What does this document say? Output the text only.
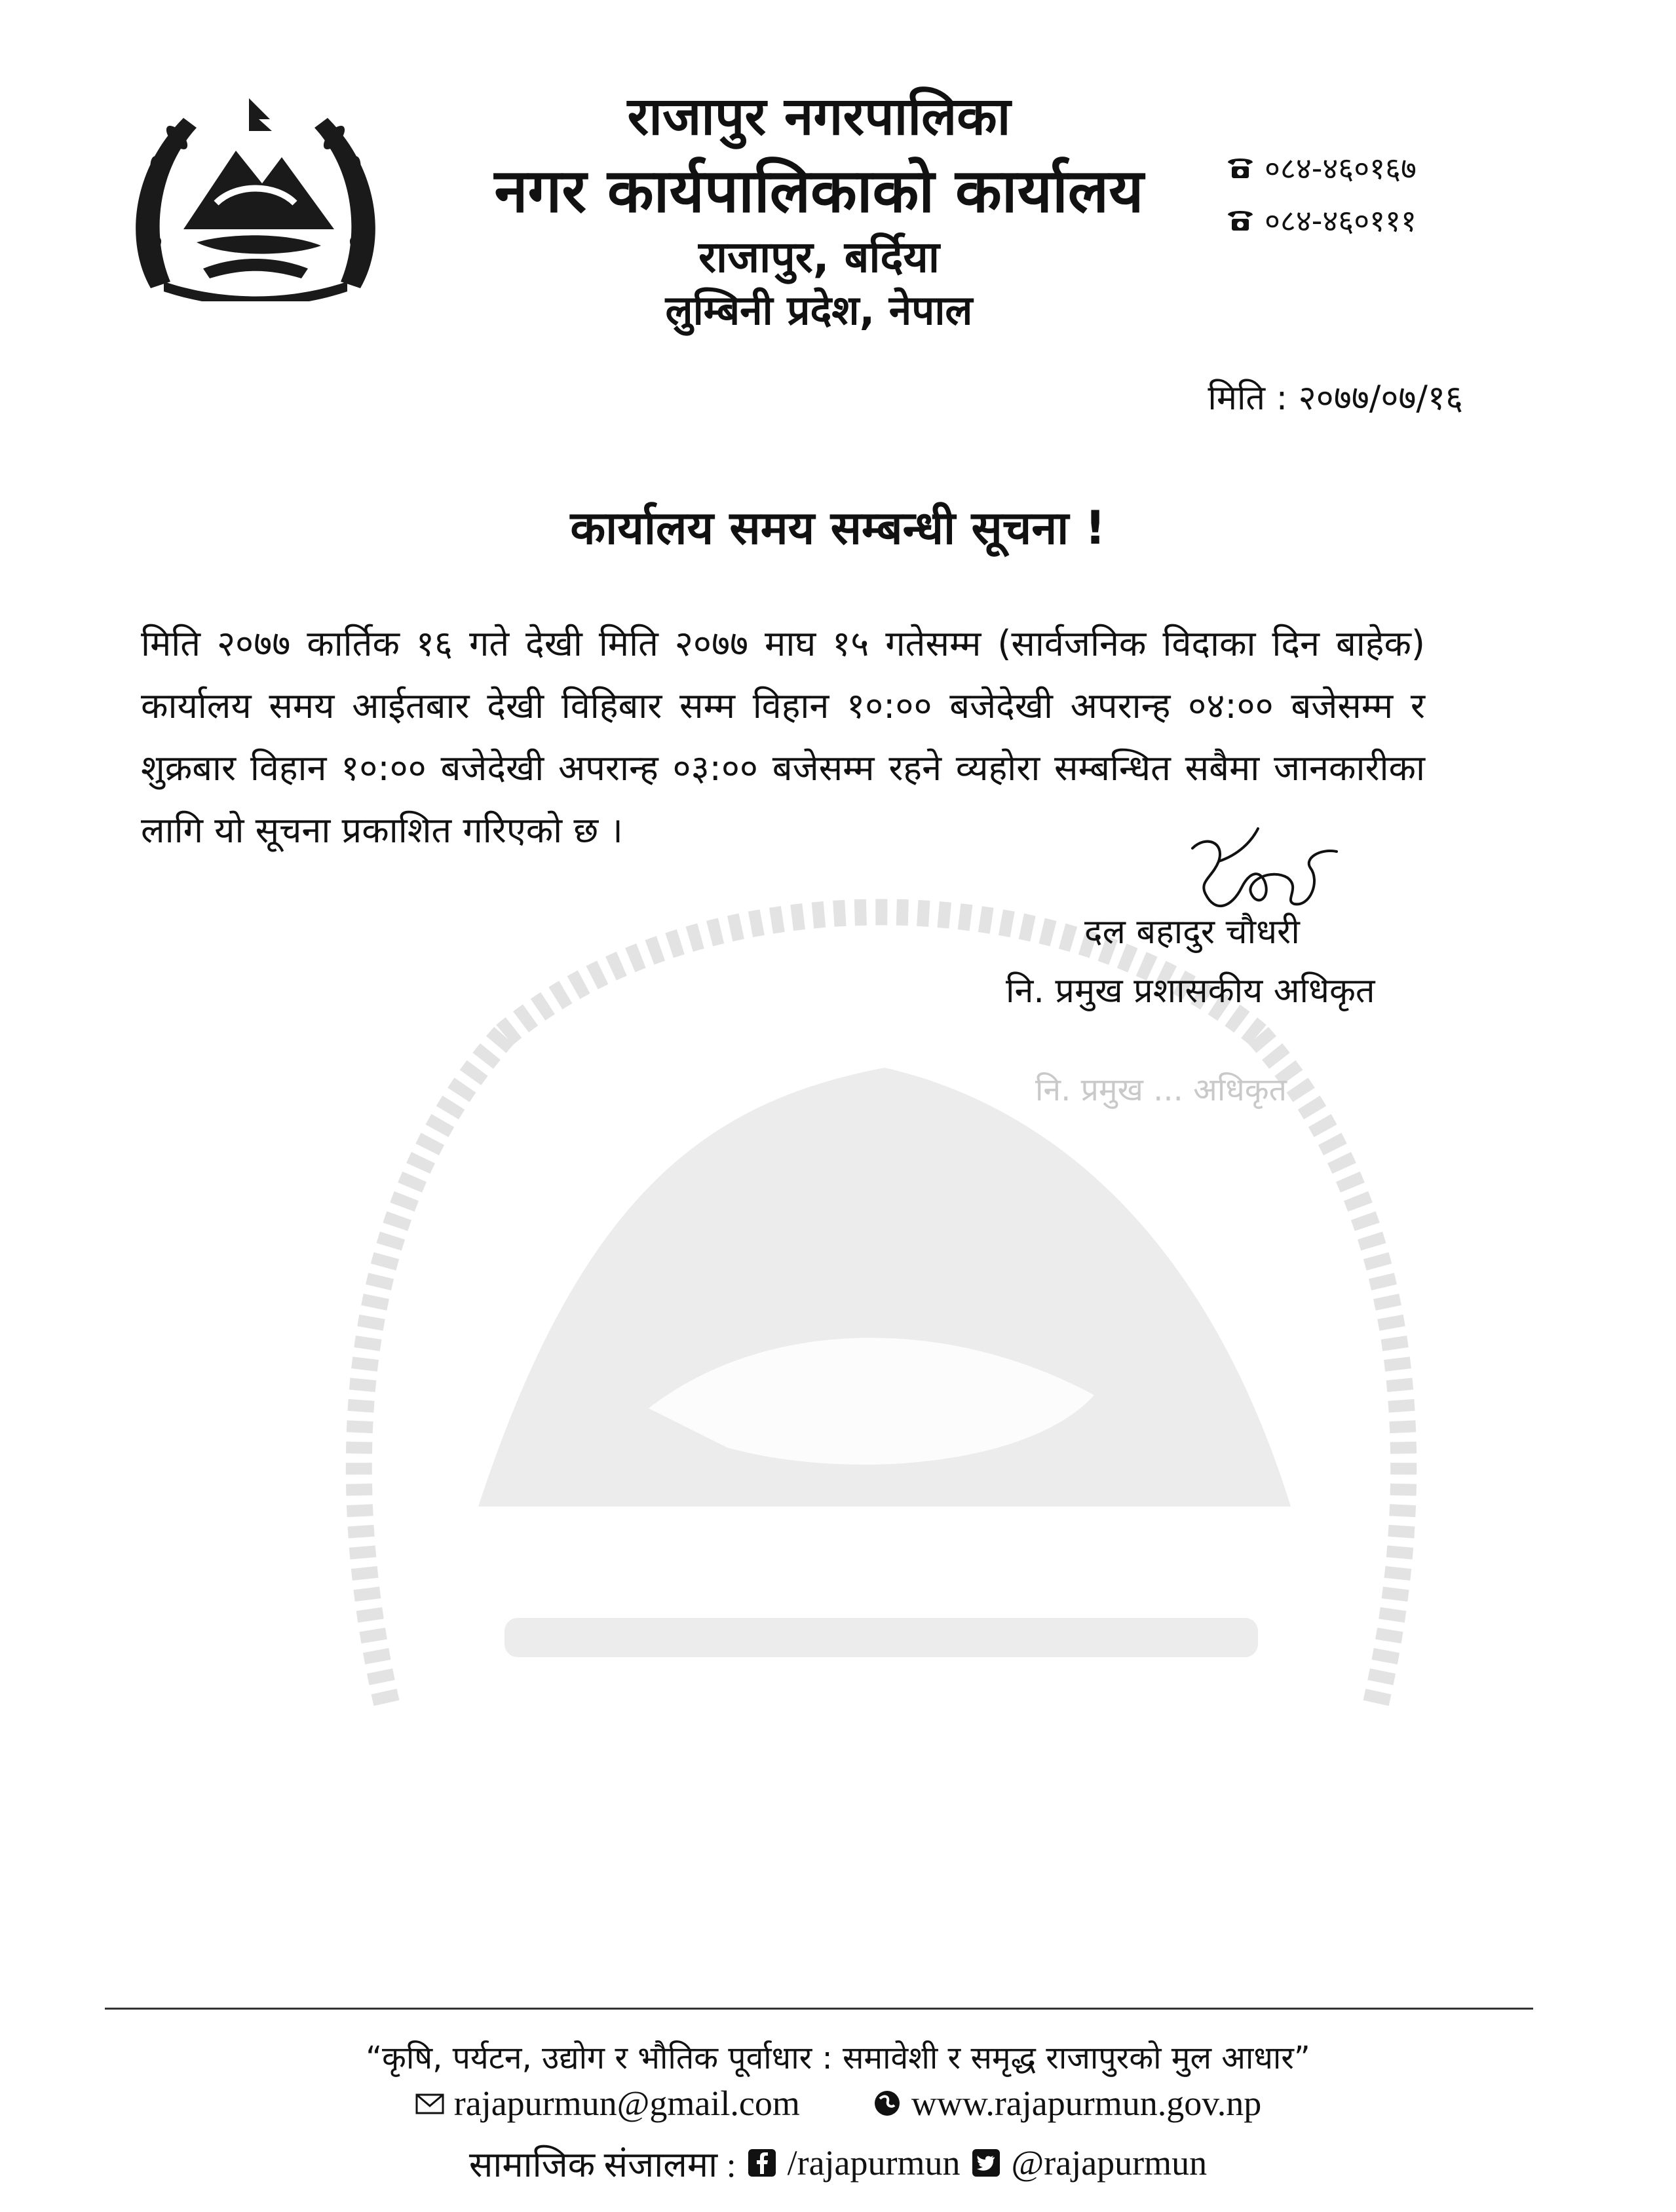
राजापुर नगरपालिका
नगर कार्यपालिकाको कार्यालय
राजापुर, बर्दिया
लुम्बिनी प्रदेश, नेपाल
०८४-४६०१६७
०८४-४६०१११
मिति : २०७७/०७/१६
कार्यालय समय सम्बन्धी सूचना !
मिति २०७७ कार्तिक १६ गते देखी मिति २०७७ माघ १५ गतेसम्म (सार्वजनिक विदाका दिन बाहेक) कार्यालय समय आईतबार देखी विहिबार सम्म विहान १०:०० बजेदेखी अपरान्ह ०४:०० बजेसम्म र शुक्रबार विहान १०:०० बजेदेखी अपरान्ह ०३:०० बजेसम्म रहने व्यहोरा सम्बन्धित सबैमा जानकारीका लागि यो सूचना प्रकाशित गरिएको छ ।
दल बहादुर चौधरी
नि. प्रमुख प्रशासकीय अधिकृत
नि. प्रमुख ... अधिकृत
“कृषि, पर्यटन, उद्योग र भौतिक पूर्वाधार : समावेशी र समृद्ध राजापुरको मुल आधार”
rajapurmun@gmail.com	www.rajapurmun.gov.np
सामाजिक संजालमा : /rajapurmun @rajapurmun
